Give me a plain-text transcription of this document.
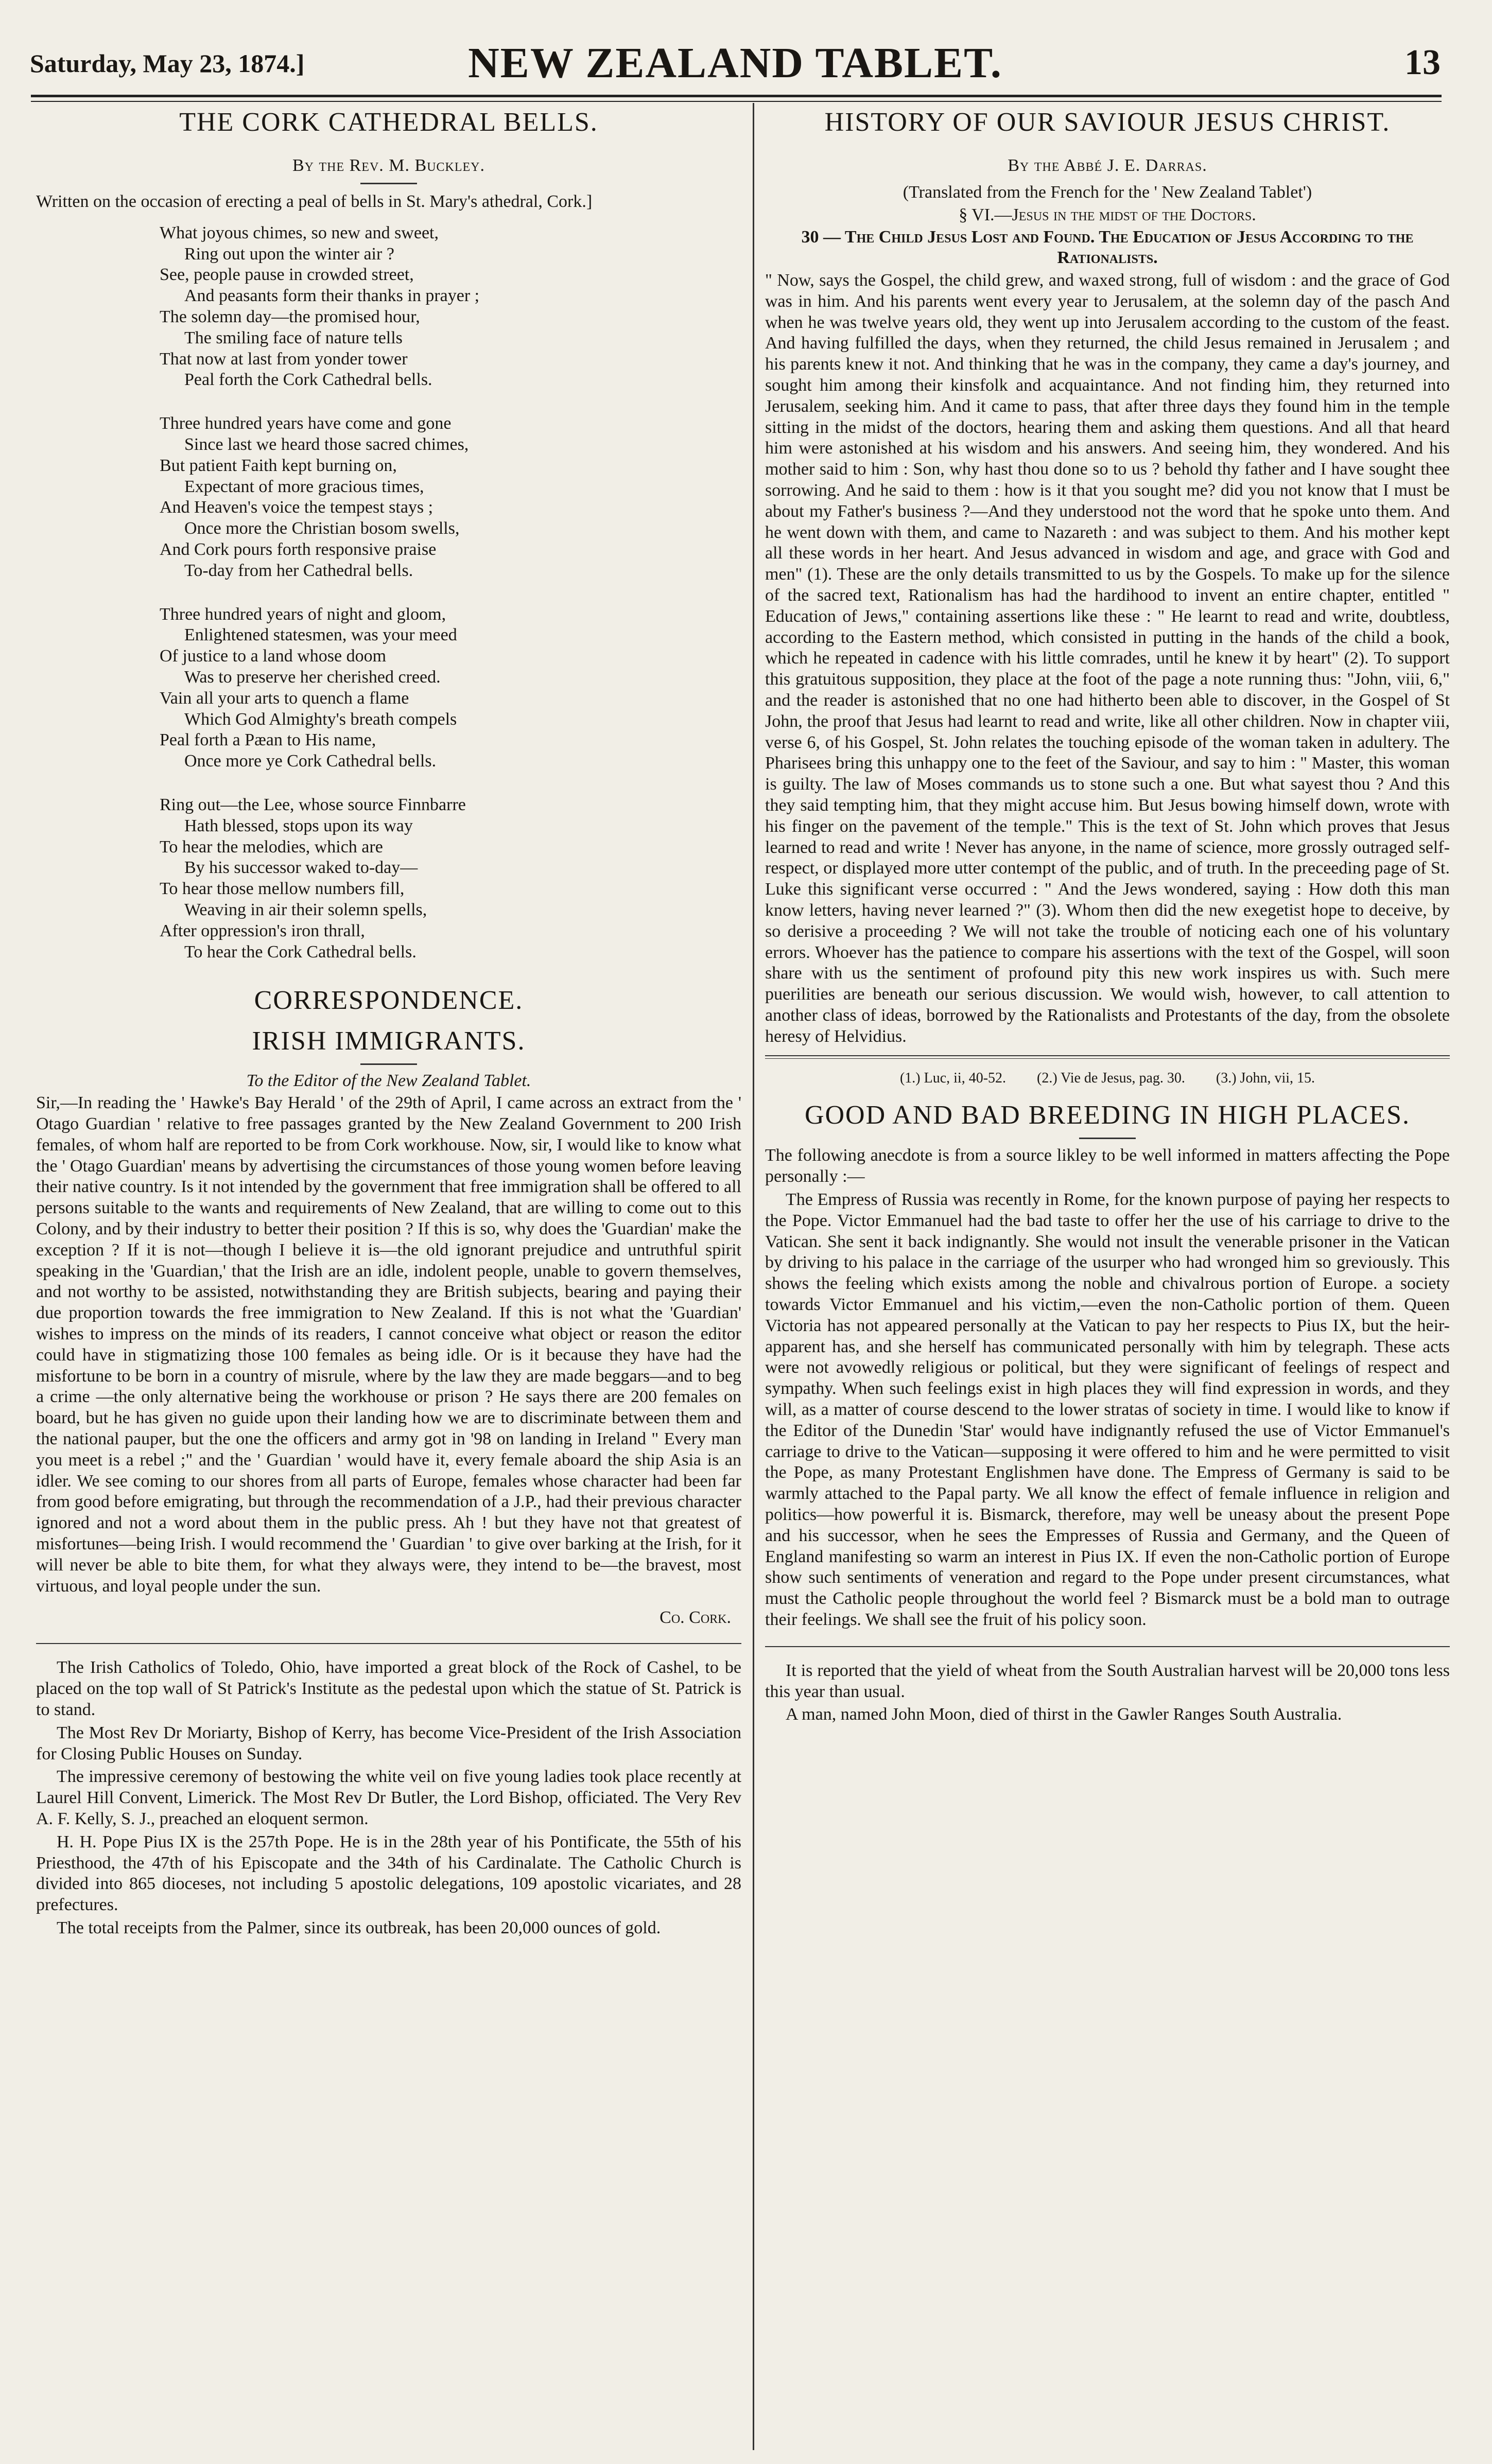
Saturday, May 23, 1874.]	NEW ZEALAND TABLET.	13
THE CORK CATHEDRAL BELLS.
By the Rev. M. Buckley.
Written on the occasion of erecting a peal of bells in St. Mary's athedral, Cork.]
What joyous chimes, so new and sweet,
Ring out upon the winter air ?
See, people pause in crowded street,
And peasants form their thanks in prayer ;
The solemn day—the promised hour,
The smiling face of nature tells
That now at last from yonder tower
Peal forth the Cork Cathedral bells.
Three hundred years have come and gone
Since last we heard those sacred chimes,
But patient Faith kept burning on,
Expectant of more gracious times,
And Heaven's voice the tempest stays ;
Once more the Christian bosom swells,
And Cork pours forth responsive praise
To-day from her Cathedral bells.
Three hundred years of night and gloom,
Enlightened statesmen, was your meed
Of justice to a land whose doom
Was to preserve her cherished creed.
Vain all your arts to quench a flame
Which God Almighty's breath compels
Peal forth a Pæan to His name,
Once more ye Cork Cathedral bells.
Ring out—the Lee, whose source Finnbarre
Hath blessed, stops upon its way
To hear the melodies, which are
By his successor waked to-day—
To hear those mellow numbers fill,
Weaving in air their solemn spells,
After oppression's iron thrall,
To hear the Cork Cathedral bells.
CORRESPONDENCE.
IRISH IMMIGRANTS.
To the Editor of the New Zealand Tablet.

Sir,—In reading the ' Hawke's Bay Herald ' of the 29th of April, I came across an extract from the ' Otago Guardian ' relative to free passages granted by the New Zealand Government to 200 Irish females, of whom half are reported to be from Cork workhouse. Now, sir, I would like to know what the ' Otago Guardian' means by advertising the circumstances of those young women before leaving their native country. Is it not intended by the government that free immigration shall be offered to all persons suitable to the wants and requirements of New Zealand, that are willing to come out to this Colony, and by their industry to better their position ? If this is so, why does the 'Guardian' make the exception ? If it is not—though I believe it is—the old ignorant prejudice and untruthful spirit speaking in the 'Guardian,' that the Irish are an idle, indolent people, unable to govern themselves, and not worthy to be assisted, notwithstanding they are British subjects, bearing and paying their due proportion towards the free immigration to New Zealand. If this is not what the 'Guardian' wishes to impress on the minds of its readers, I cannot conceive what object or reason the editor could have in stigmatizing those 100 females as being idle. Or is it because they have had the misfortune to be born in a country of misrule, where by the law they are made beggars—and to beg a crime —the only alternative being the workhouse or prison ? He says there are 200 females on board, but he has given no guide upon their landing how we are to discriminate between them and the national pauper, but the one the officers and army got in '98 on landing in Ireland " Every man you meet is a rebel ;" and the ' Guardian ' would have it, every female aboard the ship Asia is an idler. We see coming to our shores from all parts of Europe, females whose character had been far from good before emigrating, but through the recommendation of a J.P., had their previous character ignored and not a word about them in the public press. Ah ! but they have not that greatest of misfortunes—being Irish. I would recommend the ' Guardian ' to give over barking at the Irish, for it will never be able to bite them, for what they always were, they intend to be—the bravest, most virtuous, and loyal people under the sun.

Co. Cork.

The Irish Catholics of Toledo, Ohio, have imported a great block of the Rock of Cashel, to be placed on the top wall of St Patrick's Institute as the pedestal upon which the statue of St. Patrick is to stand.

The Most Rev Dr Moriarty, Bishop of Kerry, has become Vice-President of the Irish Association for Closing Public Houses on Sunday.

The impressive ceremony of bestowing the white veil on five young ladies took place recently at Laurel Hill Convent, Limerick. The Most Rev Dr Butler, the Lord Bishop, officiated. The Very Rev A. F. Kelly, S. J., preached an eloquent sermon.

H. H. Pope Pius IX is the 257th Pope. He is in the 28th year of his Pontificate, the 55th of his Priesthood, the 47th of his Episcopate and the 34th of his Cardinalate. The Catholic Church is divided into 865 dioceses, not including 5 apostolic delegations, 109 apostolic vicariates, and 28 prefectures.

The total receipts from the Palmer, since its outbreak, has been 20,000 ounces of gold.

HISTORY OF OUR SAVIOUR JESUS CHRIST.
By the Abbé J. E. Darras.
(Translated from the French for the ' New Zealand Tablet')
§ VI.—Jesus in the midst of the Doctors.
30 — The Child Jesus Lost and Found. The Education of Jesus According to the Rationalists.

" Now, says the Gospel, the child grew, and waxed strong, full of wisdom : and the grace of God was in him. And his parents went every year to Jerusalem, at the solemn day of the pasch And when he was twelve years old, they went up into Jerusalem according to the custom of the feast. And having fulfilled the days, when they returned, the child Jesus remained in Jerusalem ; and his parents knew it not. And thinking that he was in the company, they came a day's journey, and sought him among their kinsfolk and acquaintance. And not finding him, they returned into Jerusalem, seeking him. And it came to pass, that after three days they found him in the temple sitting in the midst of the doctors, hearing them and asking them questions. And all that heard him were astonished at his wisdom and his answers. And seeing him, they wondered. And his mother said to him : Son, why hast thou done so to us ? behold thy father and I have sought thee sorrowing. And he said to them : how is it that you sought me? did you not know that I must be about my Father's business ?—And they understood not the word that he spoke unto them. And he went down with them, and came to Nazareth : and was subject to them. And his mother kept all these words in her heart. And Jesus advanced in wisdom and age, and grace with God and men" (1). These are the only details transmitted to us by the Gospels. To make up for the silence of the sacred text, Rationalism has had the hardihood to invent an entire chapter, entitled " Education of Jews," containing assertions like these : " He learnt to read and write, doubtless, according to the Eastern method, which consisted in putting in the hands of the child a book, which he repeated in cadence with his little comrades, until he knew it by heart" (2). To support this gratuitous supposition, they place at the foot of the page a note running thus: "John, viii, 6," and the reader is astonished that no one had hitherto been able to discover, in the Gospel of St John, the proof that Jesus had learnt to read and write, like all other children. Now in chapter viii, verse 6, of his Gospel, St. John relates the touching episode of the woman taken in adultery. The Pharisees bring this unhappy one to the feet of the Saviour, and say to him : " Master, this woman is guilty. The law of Moses commands us to stone such a one. But what sayest thou ? And this they said tempting him, that they might accuse him. But Jesus bowing himself down, wrote with his finger on the pavement of the temple." This is the text of St. John which proves that Jesus learned to read and write ! Never has anyone, in the name of science, more grossly outraged self-respect, or displayed more utter contempt of the public, and of truth. In the preceeding page of St. Luke this significant verse occurred : " And the Jews wondered, saying : How doth this man know letters, having never learned ?" (3). Whom then did the new exegetist hope to deceive, by so derisive a proceeding ? We will not take the trouble of noticing each one of his voluntary errors. Whoever has the patience to compare his assertions with the text of the Gospel, will soon share with us the sentiment of profound pity this new work inspires us with. Such mere puerilities are beneath our serious discussion. We would wish, however, to call attention to another class of ideas, borrowed by the Rationalists and Protestants of the day, from the obsolete heresy of Helvidius.

(1.) Luc, ii, 40-52. (2.) Vie de Jesus, pag. 30. (3.) John, vii, 15.
GOOD AND BAD BREEDING IN HIGH PLACES.

The following anecdote is from a source likley to be well informed in matters affecting the Pope personally :—

The Empress of Russia was recently in Rome, for the known purpose of paying her respects to the Pope. Victor Emmanuel had the bad taste to offer her the use of his carriage to drive to the Vatican. She sent it back indignantly. She would not insult the venerable prisoner in the Vatican by driving to his palace in the carriage of the usurper who had wronged him so greviously. This shows the feeling which exists among the noble and chivalrous portion of Europe. a society towards Victor Emmanuel and his victim,—even the non-Catholic portion of them. Queen Victoria has not appeared personally at the Vatican to pay her respects to Pius IX, but the heir-apparent has, and she herself has communicated personally with him by telegraph. These acts were not avowedly religious or political, but they were significant of feelings of respect and sympathy. When such feelings exist in high places they will find expression in words, and they will, as a matter of course descend to the lower stratas of society in time. I would like to know if the Editor of the Dunedin 'Star' would have indignantly refused the use of Victor Emmanuel's carriage to drive to the Vatican—supposing it were offered to him and he were permitted to visit the Pope, as many Protestant Englishmen have done. The Empress of Germany is said to be warmly attached to the Papal party. We all know the effect of female influence in religion and politics—how powerful it is. Bismarck, therefore, may well be uneasy about the present Pope and his successor, when he sees the Empresses of Russia and Germany, and the Queen of England manifesting so warm an interest in Pius IX. If even the non-Catholic portion of Europe show such sentiments of veneration and regard to the Pope under present circumstances, what must the Catholic people throughout the world feel ? Bismarck must be a bold man to outrage their feelings. We shall see the fruit of his policy soon.

It is reported that the yield of wheat from the South Australian harvest will be 20,000 tons less this year than usual.

A man, named John Moon, died of thirst in the Gawler Ranges South Australia.
